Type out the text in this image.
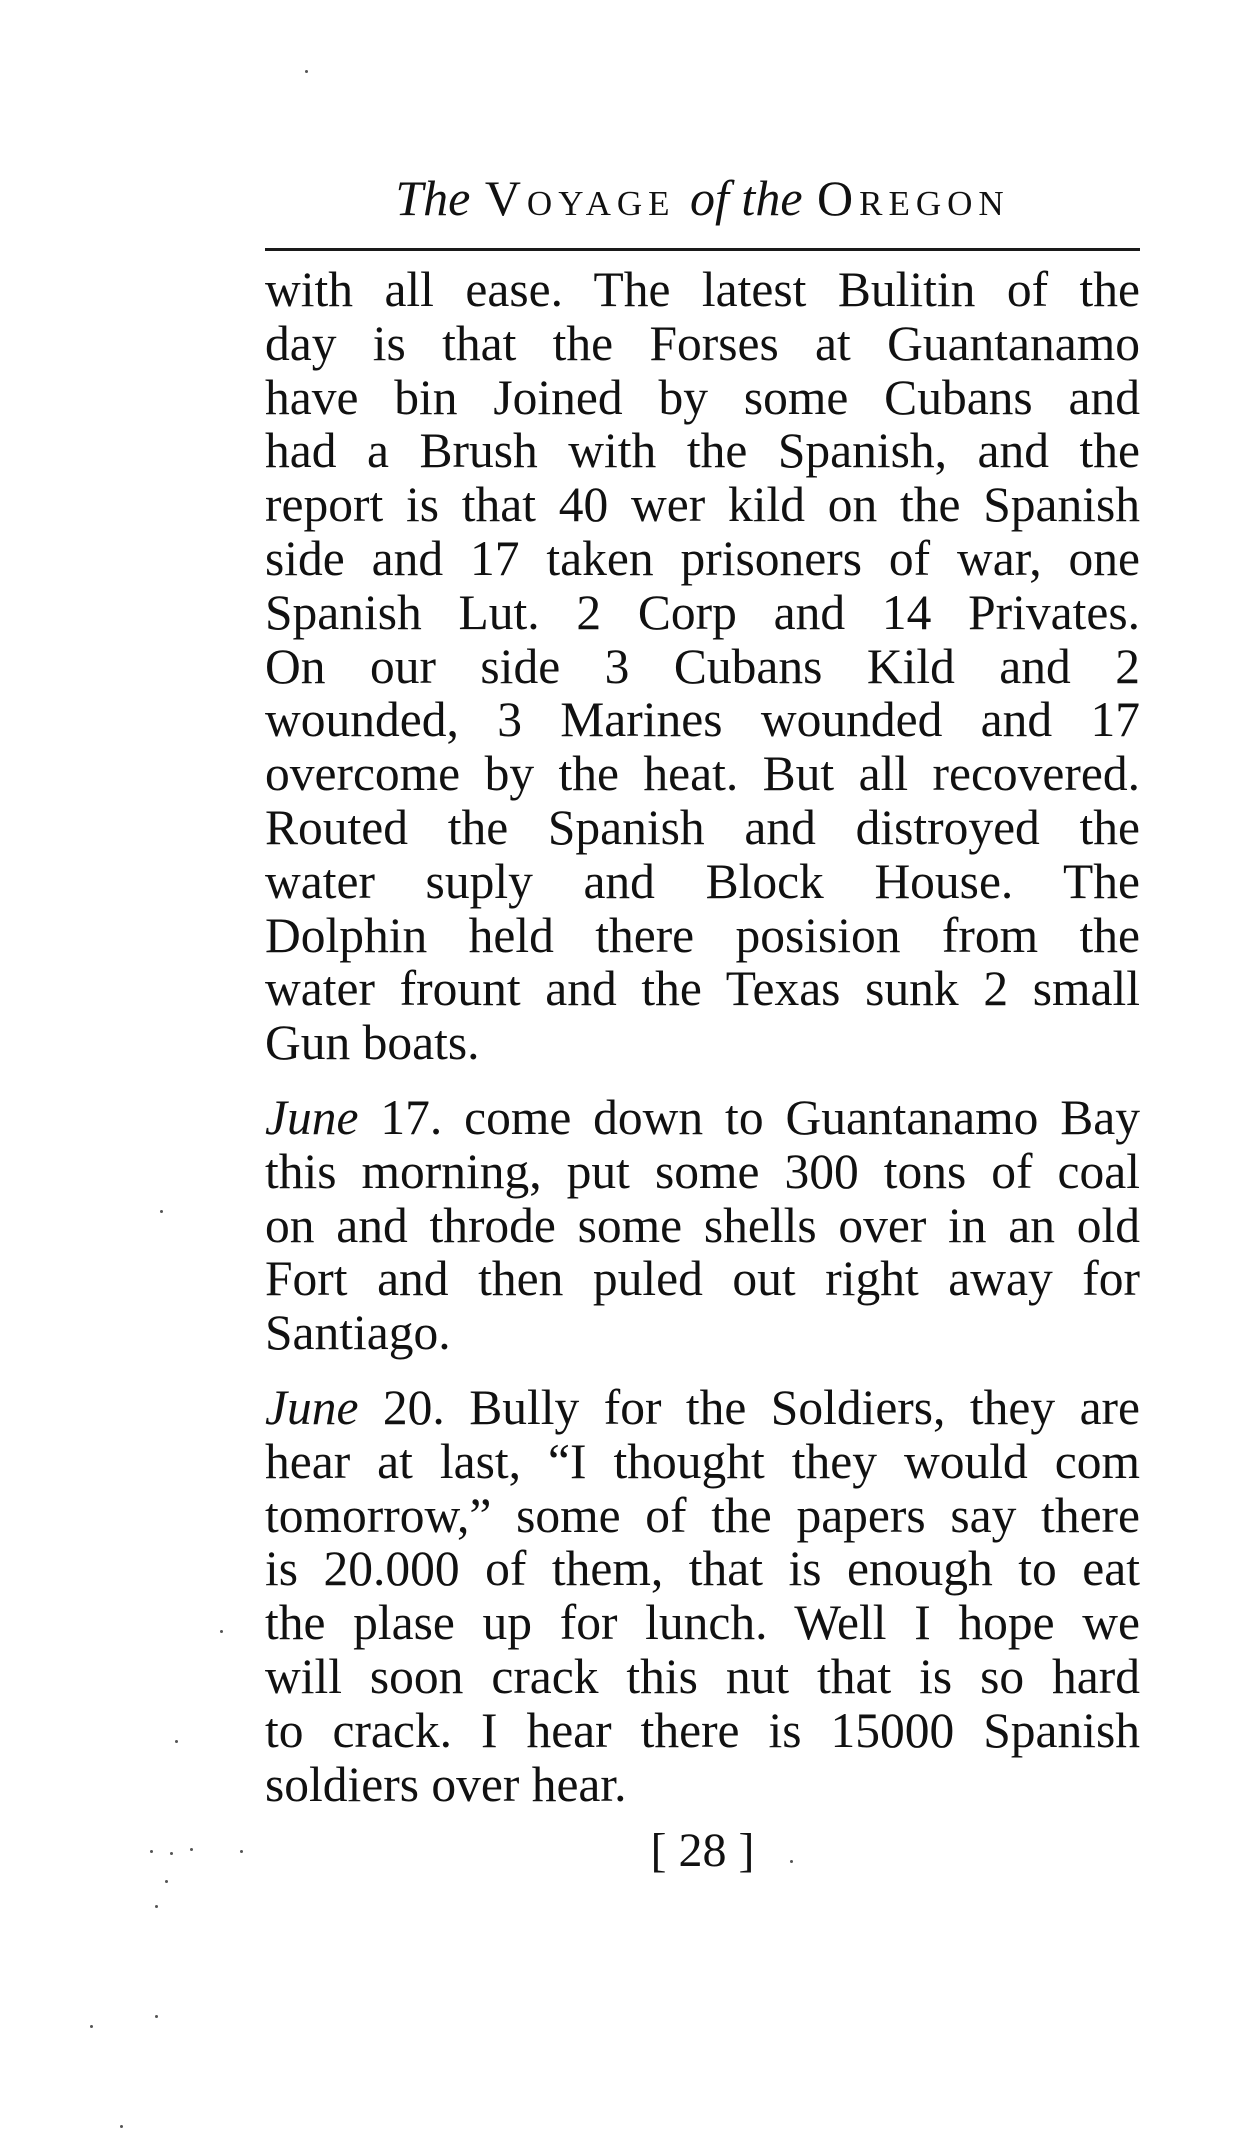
The Voyage of the Oregon
with all ease. The latest Bulitin of the
day is that the Forses at Guantanamo
have bin Joined by some Cubans and
had a Brush with the Spanish, and the
report is that 40 wer kild on the Spanish
side and 17 taken prisoners of war, one
Spanish Lut. 2 Corp and 14 Privates.
On our side 3 Cubans Kild and 2
wounded, 3 Marines wounded and 17
overcome by the heat. But all recovered.
Routed the Spanish and distroyed the
water suply and Block House. The
Dolphin held there posision from the
water frount and the Texas sunk 2 small
Gun boats.
June 17. come down to Guantanamo Bay
this morning, put some 300 tons of coal
on and throde some shells over in an old
Fort and then puled out right away for
Santiago.
June 20. Bully for the Soldiers, they are
hear at last, “I thought they would com
tomorrow,” some of the papers say there
is 20.000 of them, that is enough to eat
the plase up for lunch. Well I hope we
will soon crack this nut that is so hard
to crack. I hear there is 15000 Spanish
soldiers over hear.
[ 28 ]
